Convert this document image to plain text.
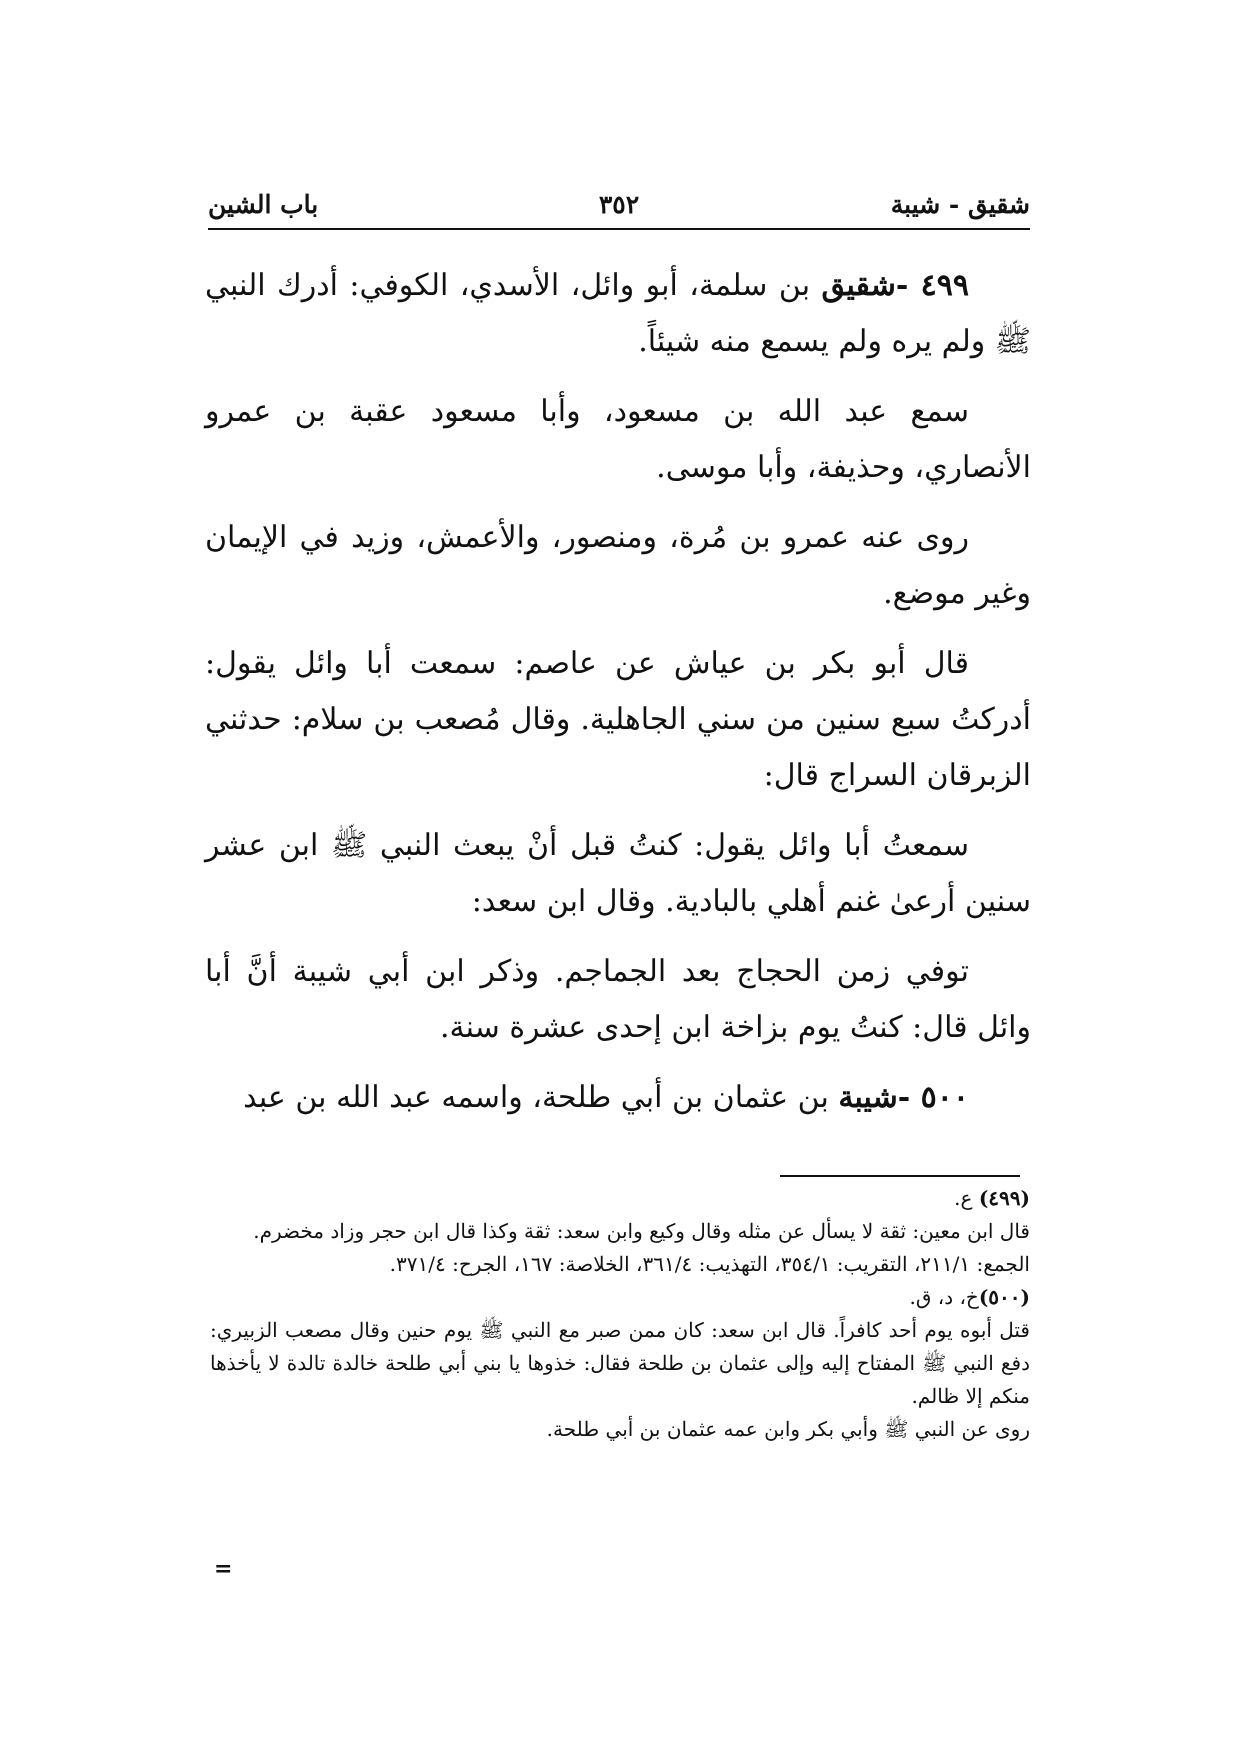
شقيق - شيبة
٣٥٢
باب الشين

٤٩٩ -شقيق بن سلمة، أبو وائل، الأسدي، الكوفي: أدرك النبي ﷺ ولم يره ولم يسمع منه شيئاً.

سمع عبد الله بن مسعود، وأبا مسعود عقبة بن عمرو الأنصاري، وحذيفة، وأبا موسى.

روى عنه عمرو بن مُرة، ومنصور، والأعمش، وزيد في الإيمان وغير موضع.

قال أبو بكر بن عياش عن عاصم: سمعت أبا وائل يقول: أدركتُ سبع سنين من سني الجاهلية. وقال مُصعب بن سلام: حدثني الزبرقان السراج قال:

سمعتُ أبا وائل يقول: كنتُ قبل أنْ يبعث النبي ﷺ ابن عشر سنين أرعىٰ غنم أهلي بالبادية. وقال ابن سعد:

توفي زمن الحجاج بعد الجماجم. وذكر ابن أبي شيبة أنَّ أبا وائل قال: كنتُ يوم بزاخة ابن إحدى عشرة سنة.

٥٠٠ -شيبة بن عثمان بن أبي طلحة، واسمه عبد الله بن عبد

(٤٩٩) ع.

قال ابن معين: ثقة لا يسأل عن مثله وقال وكيع وابن سعد: ثقة وكذا قال ابن حجر وزاد مخضرم.

الجمع: ٢١١/١، التقريب: ٣٥٤/١، التهذيب: ٣٦١/٤، الخلاصة: ١٦٧، الجرح: ٣٧١/٤.

(٥٠٠)خ، د، ق.

قتل أبوه يوم أحد كافراً. قال ابن سعد: كان ممن صبر مع النبي ﷺ يوم حنين وقال مصعب الزبيري: دفع النبي ﷺ المفتاح إليه وإلى عثمان بن طلحة فقال: خذوها يا بني أبي طلحة خالدة تالدة لا يأخذها منكم إلا ظالم.

روى عن النبي ﷺ وأبي بكر وابن عمه عثمان بن أبي طلحة.

=
